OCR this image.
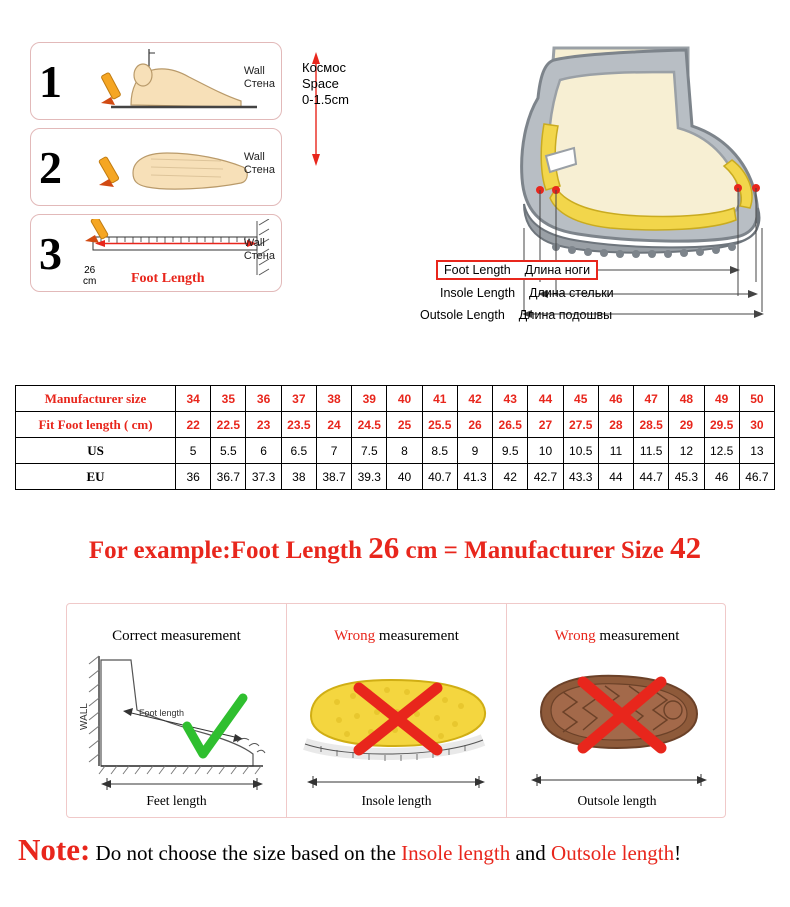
1	Wall
Стена
2	Wall
Стена
3 26
cm Foot Length
Wall
Стена
Космос
Space
0-1.5cm
Foot Length Длина ноги
Insole Length Длина стельки
Outsole Length Длина подошвы
Manufacturer size	34	35	36	37	38	39	40	41	42	43	44	45	46	47	48	49	50
Fit Foot length ( cm)	22	22.5	23	23.5	24	24.5	25	25.5	26	26.5	27	27.5	28	28.5	29	29.5	30
US	5	5.5	6	6.5	7	7.5	8	8.5	9	9.5	10	10.5	11	11.5	12	12.5	13
EU	36	36.7	37.3	38	38.7	39.3	40	40.7	41.3	42	42.7	43.3	44	44.7	45.3	46	46.7
For example:Foot Length 26 cm = Manufacturer Size 42
Correct measurement
WALL	Foot length
Feet length
Wrong measurement
Insole length
Wrong measurement
Outsole length
Note: Do not choose the size based on the Insole length and Outsole length!
